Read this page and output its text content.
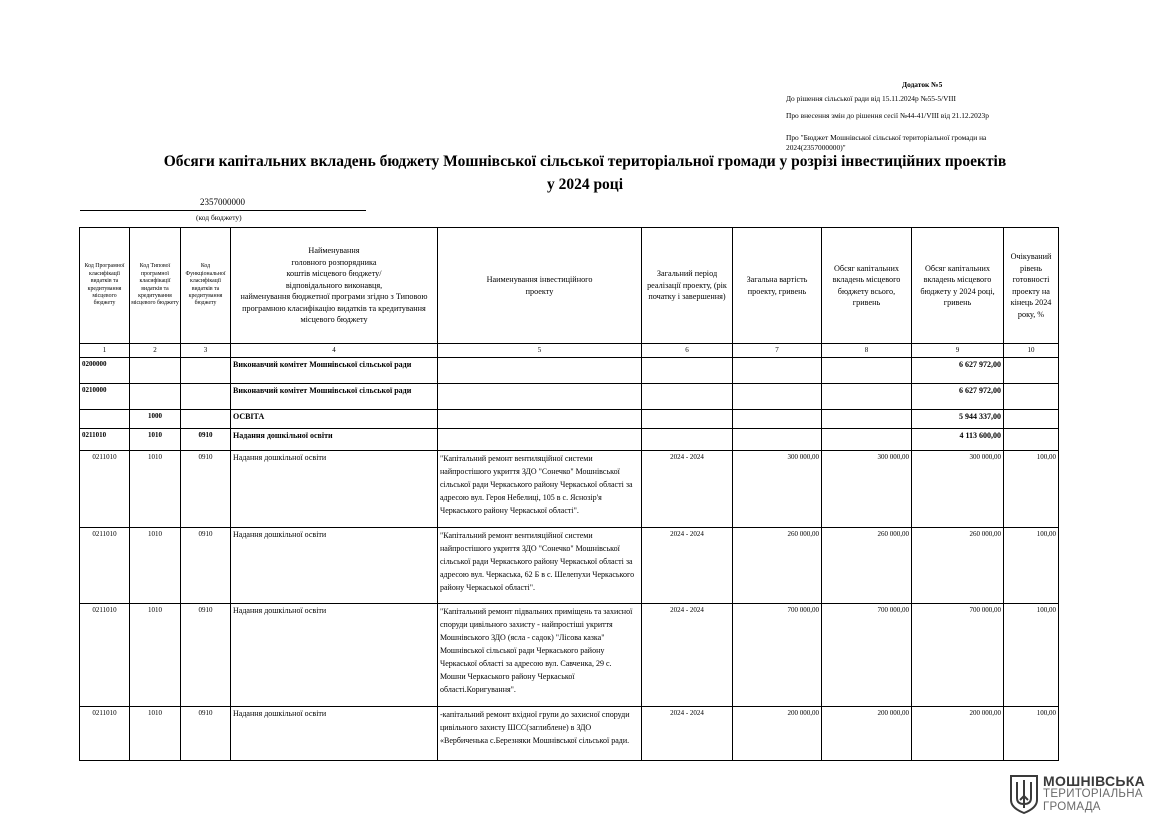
Додаток №5
До рішення сільської ради від 15.11.2024р №55-5/VIII
Про внесення змін до рішення сесії №44-41/VIII від 21.12.2023р
Про "Бюджет Мошнівської сільської територіальної громади на 2024(2357000000)"
Обсяги капітальних вкладень бюджету Мошнівської сільської територіальної громади у розрізі інвестиційних проектів
у 2024 році
2357000000
(код бюджету)
Код Програмної класифікації видатків та кредитування місцевого бюджету	Код Типової програмної класифікації видатків та кредитування місцевого бюджету	Код Функціональної класифікації видатків та кредитування бюджету	Найменування
головного розпорядника
коштів місцевого бюджету/
відповідального виконавця,
найменування бюджетної програми згідно з Типовою програмною класифікацію видатків та кредитування місцевого бюджету	Наименування інвестиційного проекту	Загальний період реалізації проекту, (рік початку і завершення)	Загальна вартість проекту, гривень	Обсяг капітальних вкладень місцевого бюджету всього, гривень	Обсяг капітальних вкладень місцевого бюджету у 2024 році, гривень	Очікуваний рівень готовності проекту на кінець 2024 року, %
1	2	3	4	5	6	7	8	9	10
0200000			Виконавчий комітет Мошнівської сільської ради					6 627 972,00	
0210000			Виконавчий комітет Мошнівської сільської ради					6 627 972,00	
	1000		ОСВІТА					5 944 337,00	
0211010	1010	0910	Надання дошкільної освіти					4 113 600,00	
0211010	1010	0910	Надання дошкільної освіти	"Капітальний ремонт вентиляційної системи найпростішого укриття ЗДО "Сонечко" Мошнівської сільської ради Черкаського району Черкаської області за адресою вул. Героя Небелиці, 105 в с. Яснозір'я Черкаського району Черкаської області".	2024 - 2024	300 000,00	300 000,00	300 000,00	100,00
0211010	1010	0910	Надання дошкільної освіти	"Капітальний ремонт вентиляційної системи найпростішого укриття ЗДО "Сонечко" Мошнівської сільської ради Черкаського району Черкаської області за адресою вул. Черкаська, 62 Б в с. Шелепухи Черкаського району Черкаської області".	2024 - 2024	260 000,00	260 000,00	260 000,00	100,00
0211010	1010	0910	Надання дошкільної освіти	"Капітальний ремонт підвальних приміщень та захисної споруди цивільного захисту - найпростіші укриття Мошнівського ЗДО (ясла - садок) "Лісова казка" Мошнівської сільської ради Черкаського району Черкаської області за адресою вул. Савченка, 29 с. Мошни Черкаського району Черкаської області.Коригування".	2024 - 2024	700 000,00	700 000,00	700 000,00	100,00
0211010	1010	0910	Надання дошкільної освіти	-капітальний ремонт вхідної групи до захисної споруди цивільного захисту ШСС(заглиблене) в ЗДО «Вербиченька с.Березняки Мошнівської сільської ради.	2024 - 2024	200 000,00	200 000,00	200 000,00	100,00
МОШНІВСЬКА
ТЕРИТОРІАЛЬНА
ГРОМАДА
